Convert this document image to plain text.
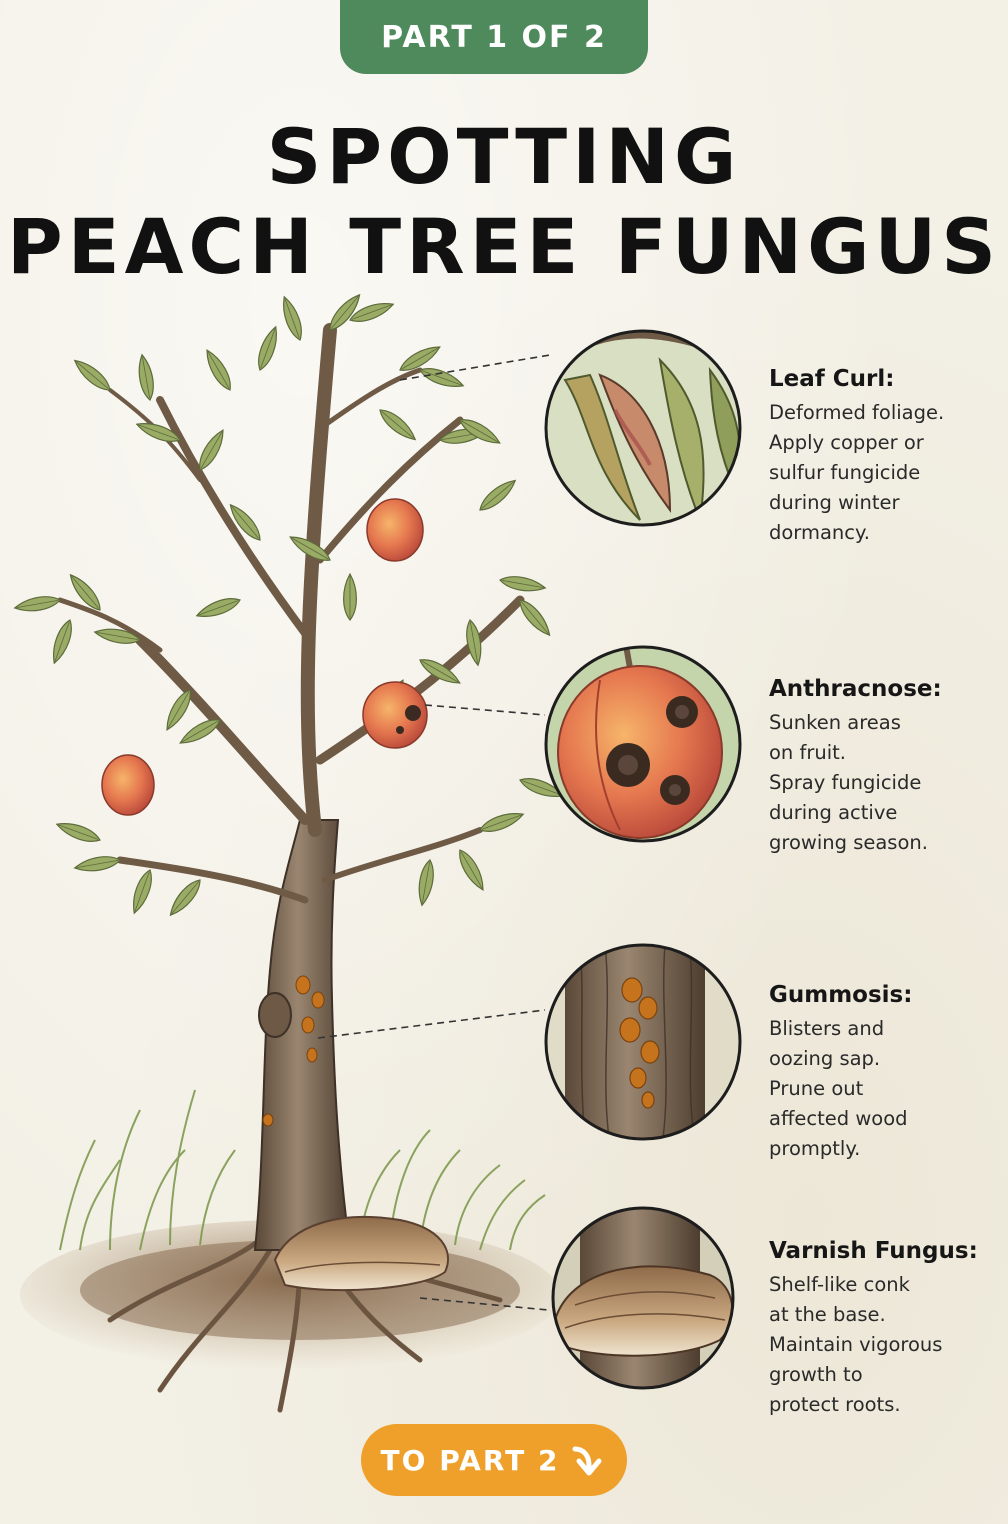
PART 1 OF 2
SPOTTING
PEACH TREE FUNGUS
Leaf Curl:

Deformed foliage.
Apply copper or
sulfur fungicide
during winter
dormancy.

Anthracnose:

Sunken areas
on fruit.
Spray fungicide
during active
growing season.

Gummosis:

Blisters and
oozing sap.
Prune out
affected wood
promptly.

Varnish Fungus:

Shelf-like conk
at the base.
Maintain vigorous
growth to
protect roots.

TO PART 2
